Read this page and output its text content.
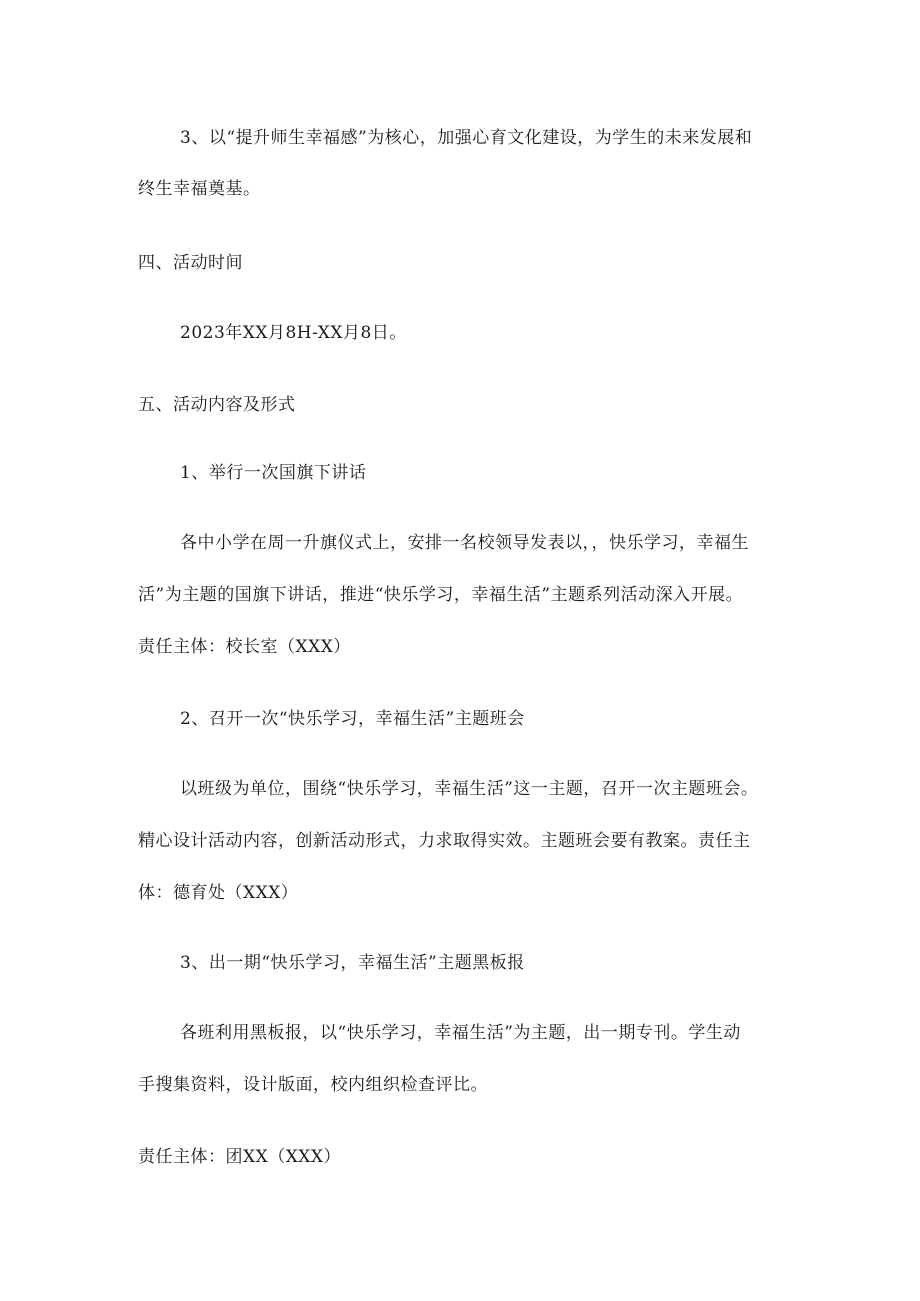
3、以“提升师生幸福感”为核心，加强心育文化建设，为学生的未来发展和
终生幸福奠基。
四、活动时间
2023年XX月8H-XX月8日。
五、活动内容及形式
1、举行一次国旗下讲话
各中小学在周一升旗仪式上，安排一名校领导发表以，，快乐学习，幸福生
活”为主题的国旗下讲话，推进“快乐学习，幸福生活”主题系列活动深入开展。
责任主体：校长室（XXX）
2、召开一次“快乐学习，幸福生活”主题班会
以班级为单位，围绕“快乐学习，幸福生活”这一主题，召开一次主题班会。
精心设计活动内容，创新活动形式，力求取得实效。主题班会要有教案。责任主
体：德育处（XXX）
3、出一期“快乐学习，幸福生活”主题黑板报
各班利用黑板报，以“快乐学习，幸福生活”为主题，出一期专刊。学生动
手搜集资料，设计版面，校内组织检查评比。
责任主体：团XX（XXX）
